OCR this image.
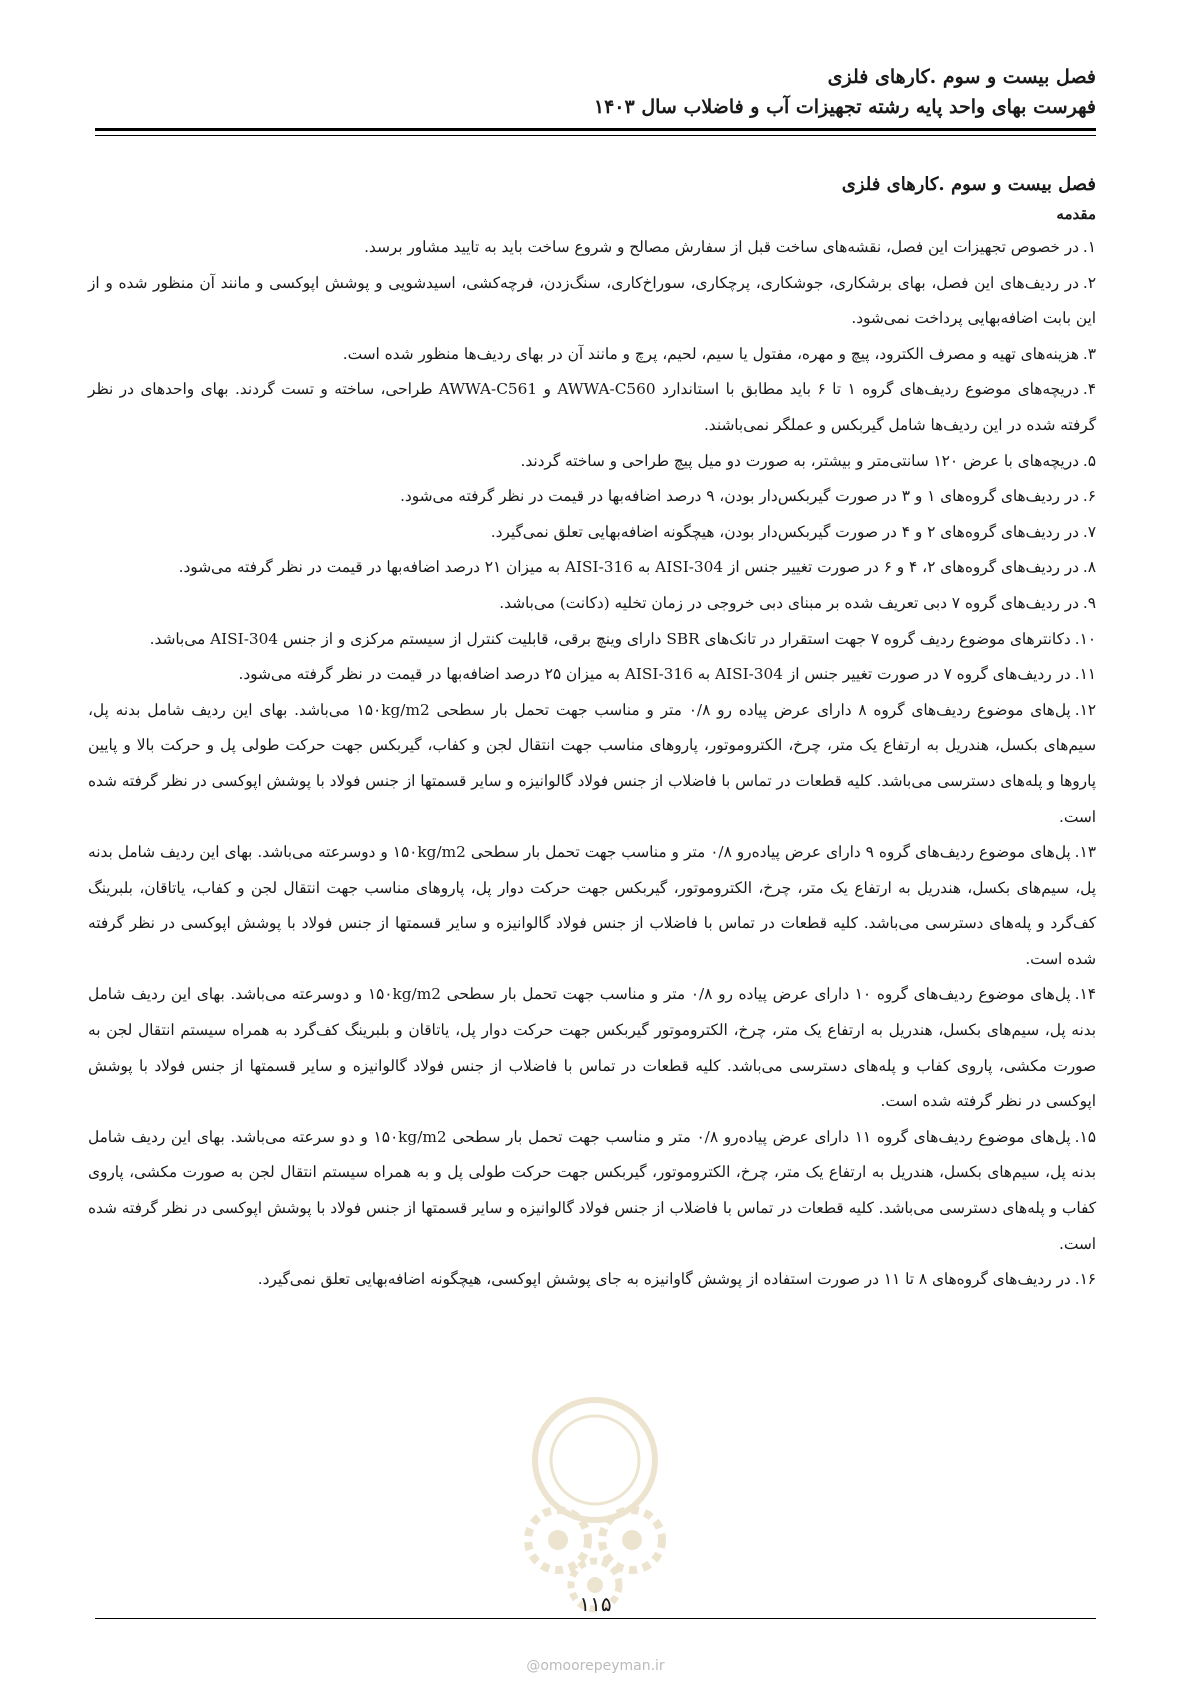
فصل بیست و سوم .کارهای فلزی
فهرست بهای واحد پایه رشته تجهیزات آب و فاضلاب سال ۱۴۰۳
فصل بیست و سوم .کارهای فلزی
مقدمه

۱.در خصوص تجهیزات این فصل، نقشه‌های ساخت قبل از سفارش مصالح و شروع ساخت باید به تایید مشاور برسد.

۲.در ردیف‌های این فصل، بهای برشکاری، جوشکاری، پرچکاری، سوراخ‌کاری، سنگ‌زدن، فرچه‌کشی، اسیدشویی و پوشش اپوکسی و مانند آن منظور شده و از این بابت اضافه‌بهایی پرداخت نمی‌شود.

۳.هزینه‌های تهیه و مصرف الکترود، پیچ و مهره، مفتول یا سیم، لحیم، پرچ و مانند آن در بهای ردیف‌ها منظور شده است.

۴.دریچه‌های موضوع ردیف‌های گروه ۱ تا ۶ باید مطابق با استاندارد AWWA-C560 و AWWA-C561 طراحی، ساخته و تست گردند. بهای واحدهای در نظر گرفته شده در این ردیف‌ها شامل گیربکس و عملگر نمی‌باشند.

۵.دریچه‌های با عرض ۱۲۰ سانتی‌متر و بیشتر، به صورت دو میل پیچ طراحی و ساخته گردند.

۶.در ردیف‌های گروه‌های ۱ و ۳ در صورت گیربکس‌دار بودن، ۹ درصد اضافه‌بها در قیمت در نظر گرفته می‌شود.

۷.در ردیف‌های گروه‌های ۲ و ۴ در صورت گیربکس‌دار بودن، هیچگونه اضافه‌بهایی تعلق نمی‌گیرد.

۸.در ردیف‌های گروه‌های ۲، ۴ و ۶ در صورت تغییر جنس از AISI-304 به AISI-316 به میزان ۲۱ درصد اضافه‌بها در قیمت در نظر گرفته می‌شود.

۹.در ردیف‌های گروه ۷ دبی تعریف شده بر مبنای دبی خروجی در زمان تخلیه (دکانت) می‌باشد.

۱۰.دکانترهای موضوع ردیف گروه ۷ جهت استقرار در تانک‌های SBR دارای وینچ برقی، قابلیت کنترل از سیستم مرکزی و از جنس AISI-304 می‌باشد.

۱۱.در ردیف‌های گروه ۷ در صورت تغییر جنس از AISI-304 به AISI-316 به میزان ۲۵ درصد اضافه‌بها در قیمت در نظر گرفته می‌شود.

۱۲.پل‌های موضوع ردیف‌های گروه ۸ دارای عرض پیاده رو ۰/۸ متر و مناسب جهت تحمل بار سطحی ۱۵۰kg/m2 می‌باشد. بهای این ردیف شامل بدنه پل، سیم‌های بکسل، هندریل به ارتفاع یک متر، چرخ، الکتروموتور، پاروهای مناسب جهت انتقال لجن و کفاب، گیربکس جهت حرکت طولی پل و حرکت بالا و پایین پاروها و پله‌های دسترسی می‌باشد. کلیه قطعات در تماس با فاضلاب از جنس فولاد گالوانیزه و سایر قسمتها از جنس فولاد با پوشش اپوکسی در نظر گرفته شده است.

۱۳.پل‌های موضوع ردیف‌های گروه ۹ دارای عرض پیاده‌رو ۰/۸ متر و مناسب جهت تحمل بار سطحی ۱۵۰kg/m2 و دوسرعته می‌باشد. بهای این ردیف شامل بدنه پل، سیم‌های بکسل، هندریل به ارتفاع یک متر، چرخ، الکتروموتور، گیربکس جهت حرکت دوار پل، پاروهای مناسب جهت انتقال لجن و کفاب، یاتاقان، بلبرینگ کف‌گرد و پله‌های دسترسی می‌باشد. کلیه قطعات در تماس با فاضلاب از جنس فولاد گالوانیزه و سایر قسمتها از جنس فولاد با پوشش اپوکسی در نظر گرفته شده است.

۱۴.پل‌های موضوع ردیف‌های گروه ۱۰ دارای عرض پیاده رو ۰/۸ متر و مناسب جهت تحمل بار سطحی ۱۵۰kg/m2 و دوسرعته می‌باشد. بهای این ردیف شامل بدنه پل، سیم‌های بکسل، هندریل به ارتفاع یک متر، چرخ، الکتروموتور گیربکس جهت حرکت دوار پل، یاتاقان و بلبرینگ کف‌گرد به همراه سیستم انتقال لجن به صورت مکشی، پاروی کفاب و پله‌های دسترسی می‌باشد. کلیه قطعات در تماس با فاضلاب از جنس فولاد گالوانیزه و سایر قسمتها از جنس فولاد با پوشش اپوکسی در نظر گرفته شده است.

۱۵.پل‌های موضوع ردیف‌های گروه ۱۱ دارای عرض پیاده‌رو ۰/۸ متر و مناسب جهت تحمل بار سطحی ۱۵۰kg/m2 و دو سرعته می‌باشد. بهای این ردیف شامل بدنه پل، سیم‌های بکسل، هندریل به ارتفاع یک متر، چرخ، الکتروموتور، گیربکس جهت حرکت طولی پل و به همراه سیستم انتقال لجن به صورت مکشی، پاروی کفاب و پله‌های دسترسی می‌باشد. کلیه قطعات در تماس با فاضلاب از جنس فولاد گالوانیزه و سایر قسمتها از جنس فولاد با پوشش اپوکسی در نظر گرفته شده است.

۱۶.در ردیف‌های گروه‌های ۸ تا ۱۱ در صورت استفاده از پوشش گاوانیزه به جای پوشش اپوکسی، هیچگونه اضافه‌بهایی تعلق نمی‌گیرد.

۱۱۵
@omoorepeyman.ir
